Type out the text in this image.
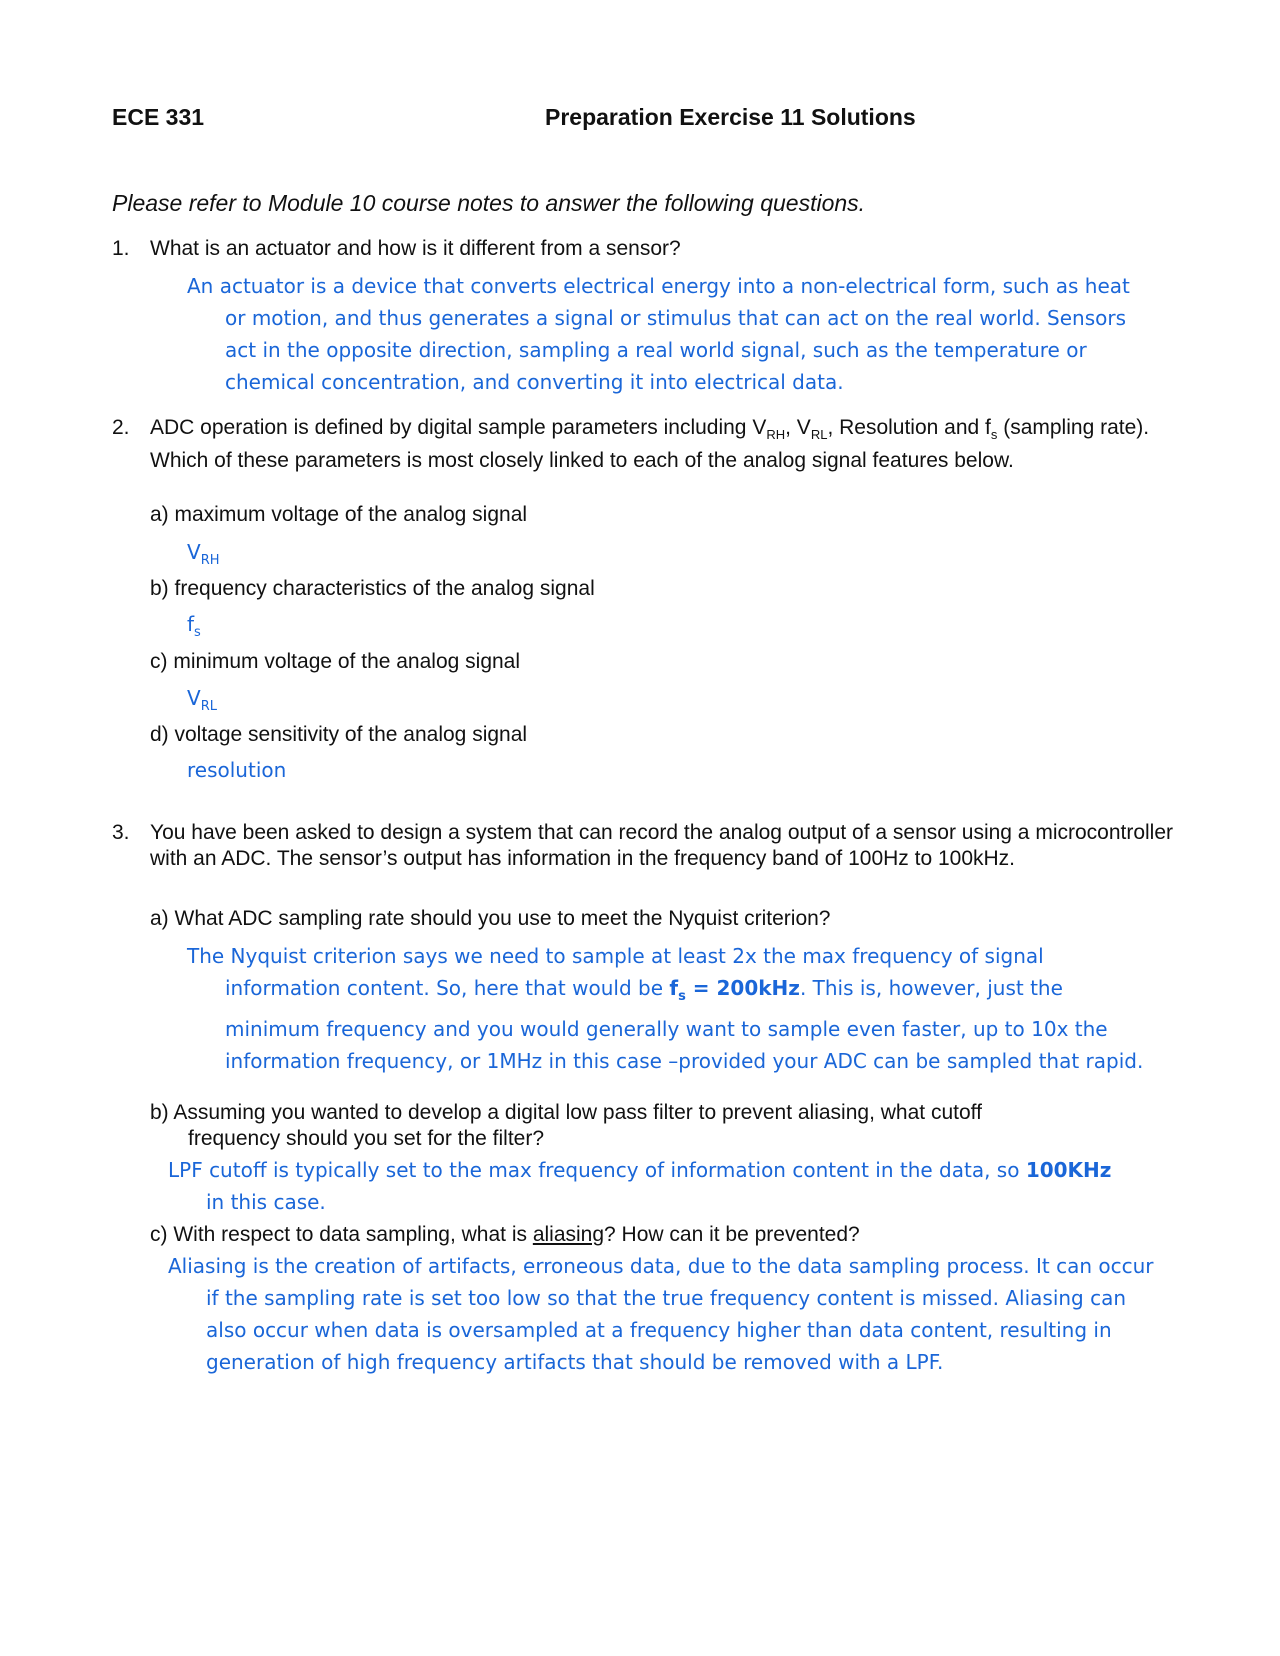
ECE 331	Preparation Exercise 11 Solutions
Please refer to Module 10 course notes to answer the following questions.
1. What is an actuator and how is it different from a sensor?
An actuator is a device that converts electrical energy into a non-electrical form, such as heat or motion, and thus generates a signal or stimulus that can act on the real world. Sensors act in the opposite direction, sampling a real world signal, such as the temperature or chemical concentration, and converting it into electrical data.
2. ADC operation is defined by digital sample parameters including $V_{RH}$, $V_{RL}$, Resolution and $f_s$ (sampling rate). Which of these parameters is most closely linked to each of the analog signal features below.
a) maximum voltage of the analog signal
$V_{RH}$
b) frequency characteristics of the analog signal
$f_s$
c) minimum voltage of the analog signal
$V_{RL}$
d) voltage sensitivity of the analog signal
resolution
3. You have been asked to design a system that can record the analog output of a sensor using a microcontroller with an ADC. The sensor’s output has information in the frequency band of 100Hz to 100kHz.
a) What ADC sampling rate should you use to meet the Nyquist criterion?
The Nyquist criterion says we need to sample at least 2x the max frequency of signal information content. So, here that would be $f_s = 200kHz$. This is, however, just the minimum frequency and you would generally want to sample even faster, up to 10x the information frequency, or 1MHz in this case –provided your ADC can be sampled that rapid.
b) Assuming you wanted to develop a digital low pass filter to prevent aliasing, what cutoff frequency should you set for the filter?
LPF cutoff is typically set to the max frequency of information content in the data, so 100KHz in this case.
c) With respect to data sampling, what is aliasing? How can it be prevented?
Aliasing is the creation of artifacts, erroneous data, due to the data sampling process. It can occur if the sampling rate is set too low so that the true frequency content is missed. Aliasing can also occur when data is oversampled at a frequency higher than data content, resulting in generation of high frequency artifacts that should be removed with a LPF.
